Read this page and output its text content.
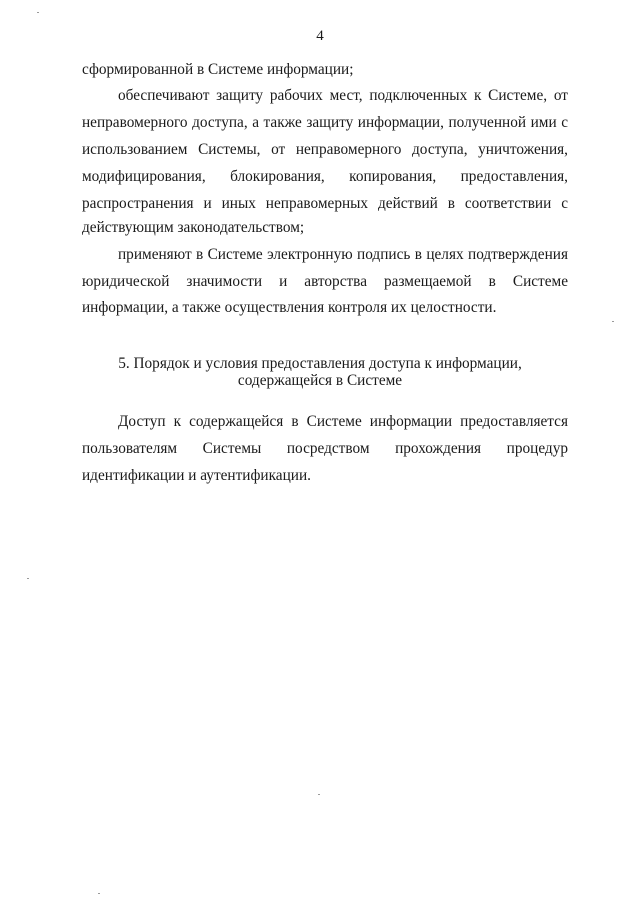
4
сформированной в Системе информации;
обеспечивают защиту рабочих мест, подключенных к Системе, от
неправомерного доступа, а также защиту информации, полученной ими с
использованием Системы, от неправомерного доступа, уничтожения,
модифицирования, блокирования, копирования, предоставления,
распространения и иных неправомерных действий в соответствии с
действующим законодательством;
применяют в Системе электронную подпись в целях подтверждения
юридической значимости и авторства размещаемой в Системе
информации, а также осуществления контроля их целостности.
5. Порядок и условия предоставления доступа к информации,
содержащейся в Системе
Доступ к содержащейся в Системе информации предоставляется
пользователям Системы посредством прохождения процедур
идентификации и аутентификации.
